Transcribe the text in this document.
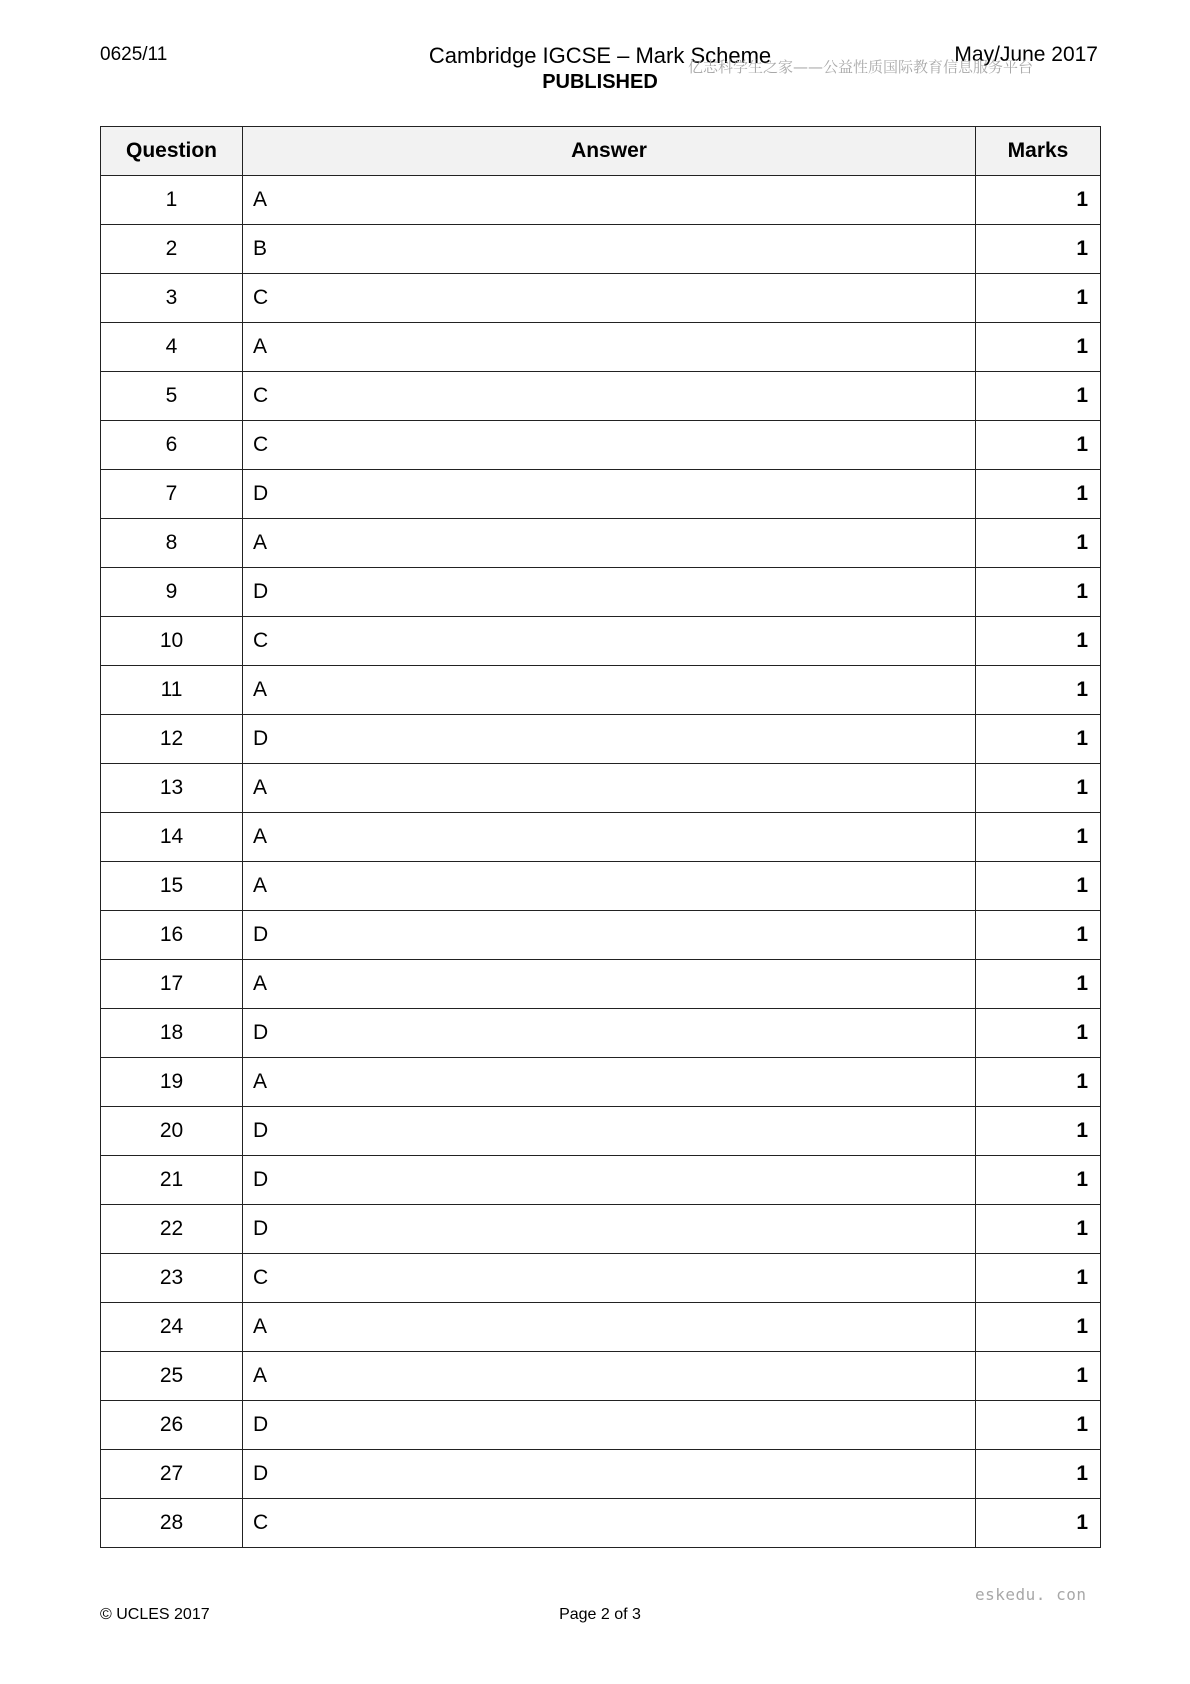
0625/11	Cambridge IGCSE – Mark Scheme
PUBLISHED
May/June 2017
亿志科学生之家——公益性质国际教育信息服务平台
Question	Answer	Marks
1	A	1
2	B	1
3	C	1
4	A	1
5	C	1
6	C	1
7	D	1
8	A	1
9	D	1
10	C	1
11	A	1
12	D	1
13	A	1
14	A	1
15	A	1
16	D	1
17	A	1
18	D	1
19	A	1
20	D	1
21	D	1
22	D	1
23	C	1
24	A	1
25	A	1
26	D	1
27	D	1
28	C	1
© UCLES 2017	Page 2 of 3
eskedu. con
